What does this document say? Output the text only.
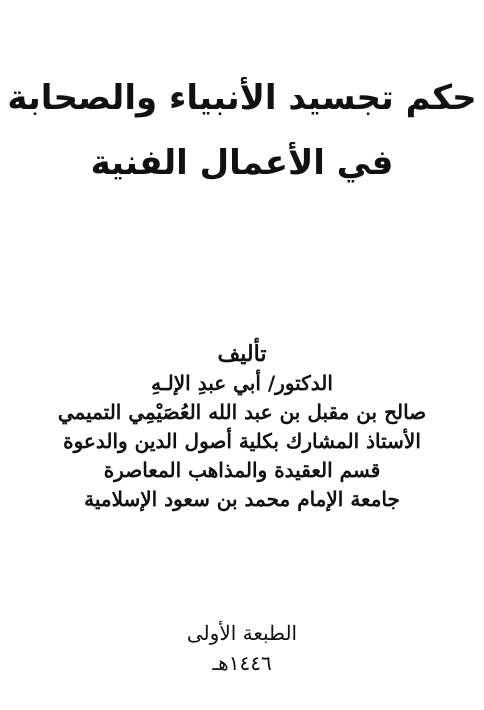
حكم تجسيد الأنبياء والصحابة
في الأعمال الفنية
تأليف
الدكتور/ أبي عبدِ الإلـهِ
صالح بن مقبل بن عبد الله العُصَيْمِي التميمي
الأستاذ المشارك بكلية أصول الدين والدعوة
قسم العقيدة والمذاهب المعاصرة
جامعة الإمام محمد بن سعود الإسلامية
الطبعة الأولى
١٤٤٦هـ
